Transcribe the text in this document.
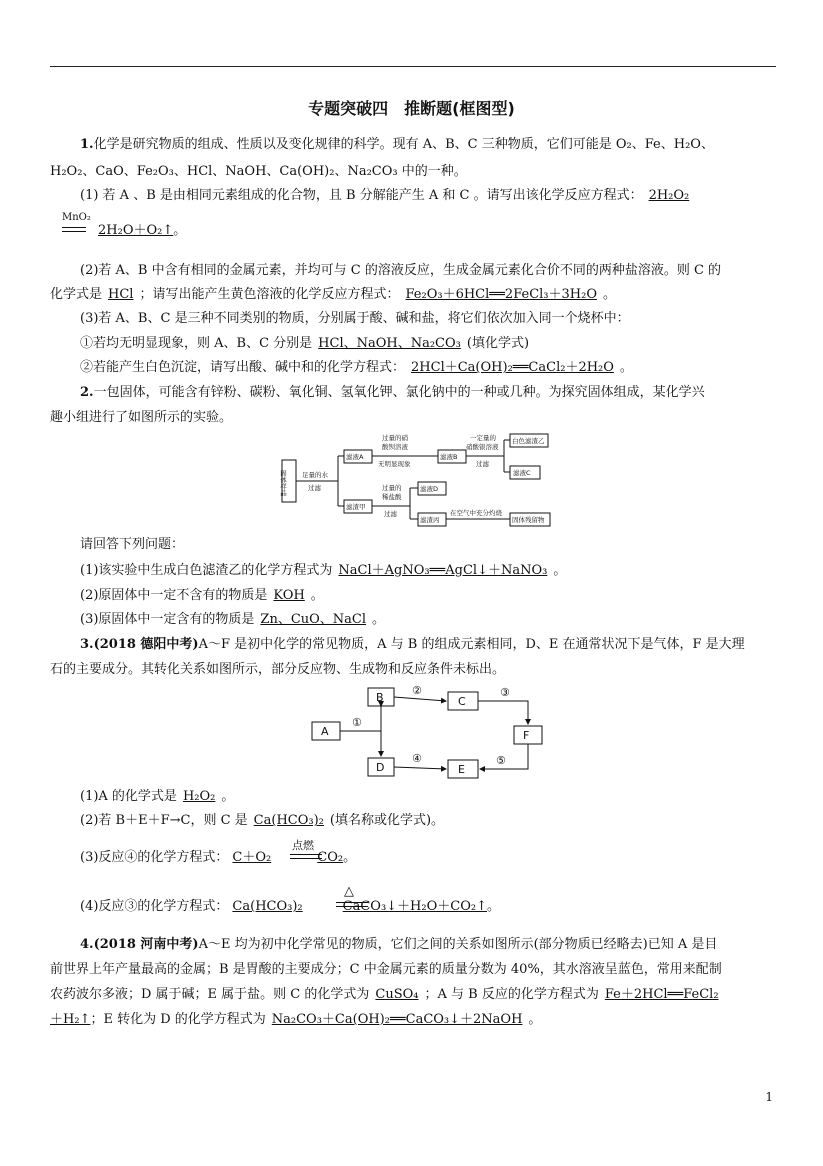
专题突破四　推断题(框图型)
1.化学是研究物质的组成、性质以及变化规律的科学。现有 A、B、C 三种物质，它们可能是 O₂、Fe、H₂O、
H₂O₂、CaO、Fe₂O₃、HCl、NaOH、Ca(OH)₂、Na₂CO₃ 中的一种。
(1) 若 A 、B 是由相同元素组成的化合物，且 B 分解能产生 A 和 C 。请写出该化学反应方程式： 2H₂O₂
MnO₂
2H₂O＋O₂↑。
(2)若 A、B 中含有相同的金属元素，并均可与 C 的溶液反应，生成金属元素化合价不同的两种盐溶液。则 C 的
化学式是 HCl ；请写出能产生黄色溶液的化学反应方程式： Fe₂O₃＋6HCl══2FeCl₃＋3H₂O 。
(3)若 A、B、C 是三种不同类别的物质，分别属于酸、碱和盐，将它们依次加入同一个烧杯中：
①若均无明显现象，则 A、B、C 分别是 HCl、NaOH、Na₂CO₃ (填化学式)
②若能产生白色沉淀，请写出酸、碱中和的化学方程式： 2HCl＋Ca(OH)₂══CaCl₂＋2H₂O 。
2.一包固体，可能含有锌粉、碳粉、氧化铜、氢氧化钾、氯化钠中的一种或几种。为探究固体组成，某化学兴
趣小组进行了如图所示的实验。
固体样品 足量的水
过滤
滤液A
过量的硝
酸钡溶液
无明显现象
滤液B
一定量的
硝酸银溶液
过滤
白色滤渣乙
滤液C
滤渣甲
过量的
稀盐酸
过滤
滤液D
滤渣丙
在空气中充分灼烧
固体残留物
请回答下列问题：
(1)该实验中生成白色滤渣乙的化学方程式为 NaCl＋AgNO₃══AgCl↓＋NaNO₃ 。
(2)原固体中一定不含有的物质是 KOH 。
(3)原固体中一定含有的物质是 Zn、CuO、NaCl 。
3.(2018 德阳中考)A～F 是初中化学的常见物质，A 与 B 的组成元素相同，D、E 在通常状况下是气体，F 是大理
石的主要成分。其转化关系如图所示，部分反应物、生成物和反应条件未标出。
A
B	C
F
D	E
①
②	③
④	⑤
(1)A 的化学式是 H₂O₂ 。
(2)若 B＋E＋F→C，则 C 是 Ca(HCO₃)₂ (填名称或化学式)。
点燃
(3)反应④的化学方程式： C＋O₂	CO₂。
△
(4)反应③的化学方程式： Ca(HCO₃)₂	CaCO₃↓＋H₂O＋CO₂↑。
4.(2018 河南中考)A～E 均为初中化学常见的物质，它们之间的关系如图所示(部分物质已经略去)已知 A 是目
前世界上年产量最高的金属；B 是胃酸的主要成分；C 中金属元素的质量分数为 40%，其水溶液呈蓝色，常用来配制
农药波尔多液；D 属于碱；E 属于盐。则 C 的化学式为 CuSO₄ ；A 与 B 反应的化学方程式为 Fe＋2HCl══FeCl₂
＋H₂↑；E 转化为 D 的化学方程式为 Na₂CO₃＋Ca(OH)₂══CaCO₃↓＋2NaOH 。
1
